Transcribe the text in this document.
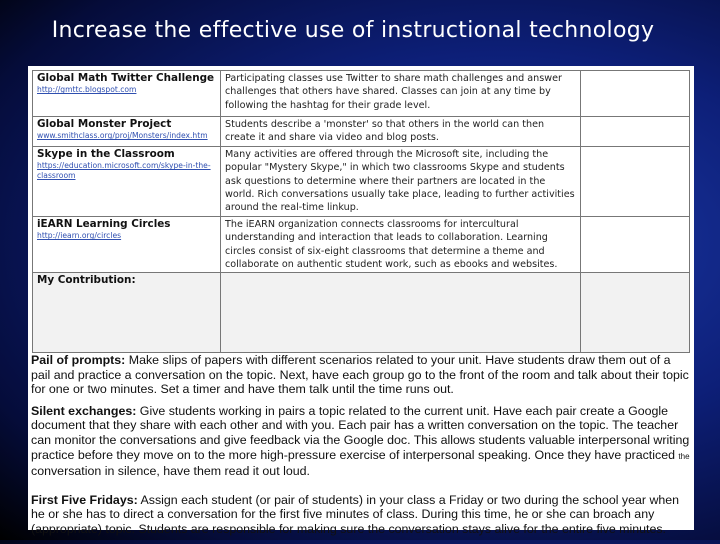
Increase the effective use of instructional technology
Global Math Twitter Challenge
http://gmttc.blogspot.com	Participating classes use Twitter to share math challenges and answer challenges that others have shared. Classes can join at any time by following the hashtag for their grade level.	

Global Monster Project
www.smithclass.org/proj/Monsters/index.htm	Students describe a 'monster' so that others in the world can then create it and share via video and blog posts.	

Skype in the Classroom
https://education.microsoft.com/skype-in-the-classroom	Many activities are offered through the Microsoft site, including the popular "Mystery Skype," in which two classrooms Skype and students ask questions to determine where their partners are located in the world. Rich conversations usually take place, leading to further activities around the real-time linkup.	

iEARN Learning Circles
http://iearn.org/circles	The iEARN organization connects classrooms for intercultural understanding and interaction that leads to collaboration. Learning circles consist of six-eight classrooms that determine a theme and collaborate on authentic student work, such as ebooks and websites.	

My Contribution:		

Pail of prompts: Make slips of papers with different scenarios related to your unit. Have students draw them out of a pail and practice a conversation on the topic. Next, have each group go to the front of the room and talk about their topic for one or two minutes. Set a timer and have them talk until the time runs out.

Silent exchanges: Give students working in pairs a topic related to the current unit. Have each pair create a Google document that they share with each other and with you. Each pair has a written conversation on the topic. The teacher can monitor the conversations and give feedback via the Google doc. This allows students valuable interpersonal writing practice before they move on to the more high-pressure exercise of interpersonal speaking. Once they have practiced the conversation in silence, have them read it out loud.

First Five Fridays: Assign each student (or pair of students) in your class a Friday or two during the school year when he or she has to direct a conversation for the first five minutes of class. During this time, he or she can broach any (appropriate) topic. Students are responsible for making sure the conversation stays alive for the entire five minutes.
